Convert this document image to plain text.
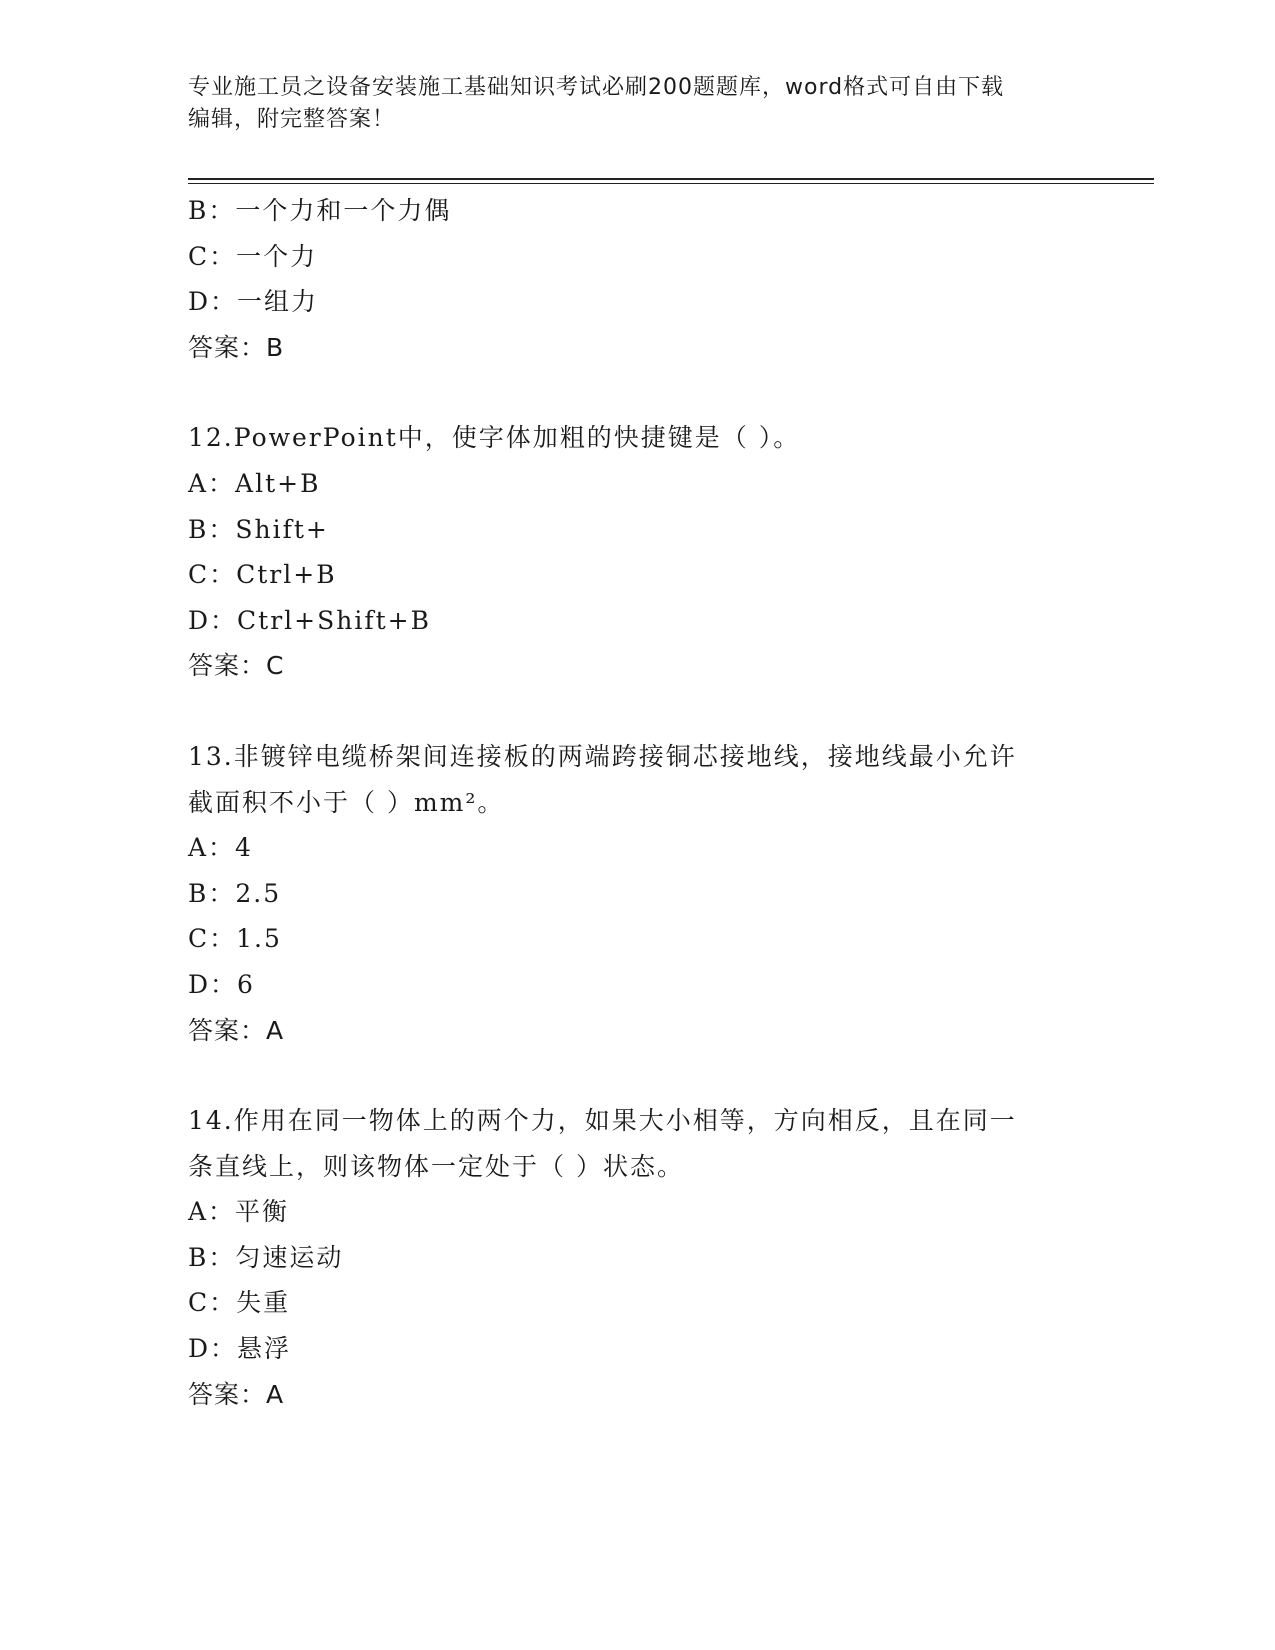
专业施工员之设备安装施工基础知识考试必刷200题题库，word格式可自由下载
编辑，附完整答案！
B：一个力和一个力偶
C：一个力
D：一组力
答案：B
12.PowerPoint中，使字体加粗的快捷键是（ ）。
A：Alt+B
B：Shift+
C：Ctrl+B
D：Ctrl+Shift+B
答案：C
13.非镀锌电缆桥架间连接板的两端跨接铜芯接地线，接地线最小允许
截面积不小于（ ）mm²。
A：4
B：2.5
C：1.5
D：6
答案：A
14.作用在同一物体上的两个力，如果大小相等，方向相反，且在同一
条直线上，则该物体一定处于（ ）状态。
A：平衡
B：匀速运动
C：失重
D：悬浮
答案：A
